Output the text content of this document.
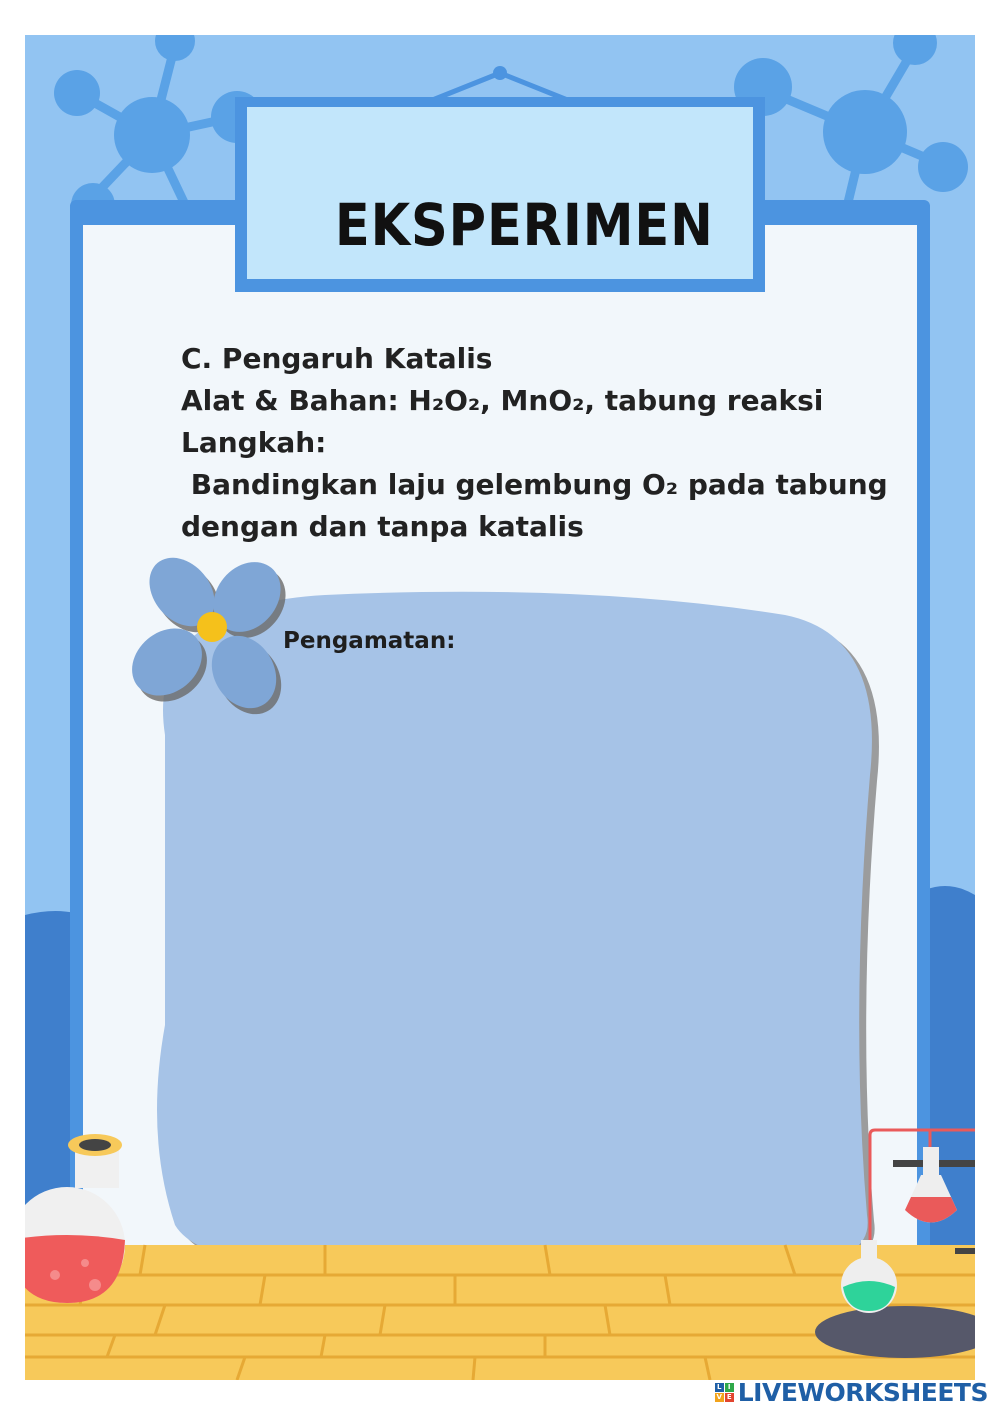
EKSPERIMEN
C. Pengaruh Katalis
Alat & Bahan: H₂O₂, MnO₂, tabung reaksi
Langkah:
Bandingkan laju gelembung O₂ pada tabung
dengan dan tanpa katalis
Pengamatan:
L I
V E LIVEWORKSHEETS
